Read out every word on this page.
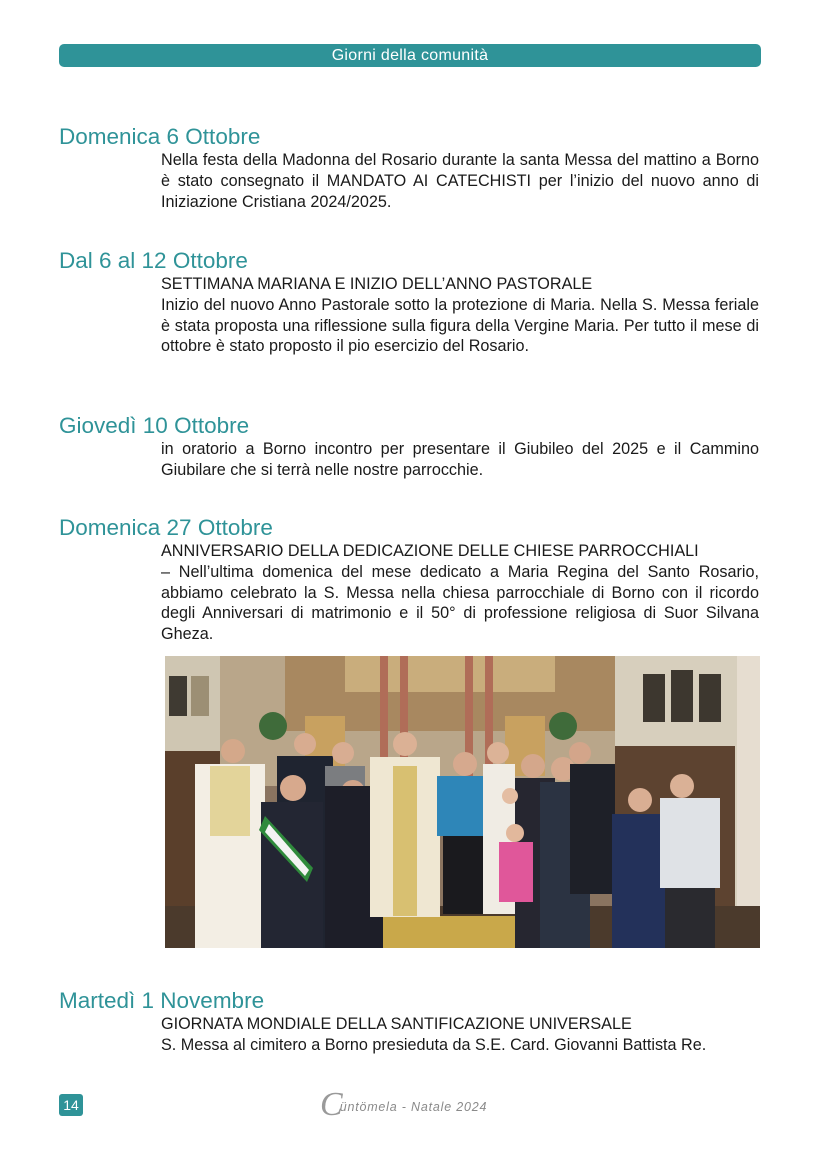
Giorni della comunità
Domenica 6 Ottobre

Nella festa della Madonna del Rosario durante la santa Messa del mattino a Borno è stato consegnato il MANDATO AI CATECHISTI per l’inizio del nuovo anno di Iniziazione Cristiana 2024/2025.

Dal 6 al 12 Ottobre

SETTIMANA MARIANA E INIZIO DELL’ANNO PASTORALE

Inizio del nuovo Anno Pastorale sotto la protezione di Maria. Nella S. Messa feriale è stata proposta una riflessione sulla figura della Vergine Maria. Per tutto il mese di ottobre è stato proposto il pio esercizio del Rosario.

Giovedì 10 Ottobre

in oratorio a Borno incontro per presentare il Giubileo del 2025 e il Cammino Giubilare che si terrà nelle nostre parrocchie.

Domenica 27 Ottobre

ANNIVERSARIO DELLA DEDICAZIONE DELLE CHIESE PARROCCHIALI

– Nell’ultima domenica del mese dedicato a Maria Regina del Santo Rosario, abbiamo celebrato la S. Messa nella chiesa parrocchiale di Borno con il ricordo degli Anniversari di matrimonio e il 50° di professione religiosa di Suor Silvana Gheza.

Martedì 1 Novembre

GIORNATA MONDIALE DELLA SANTIFICAZIONE UNIVERSALE

S. Messa al cimitero a Borno presieduta da S.E. Card. Giovanni Battista Re.

14	$C^{üntömela - Natale 2024}$
